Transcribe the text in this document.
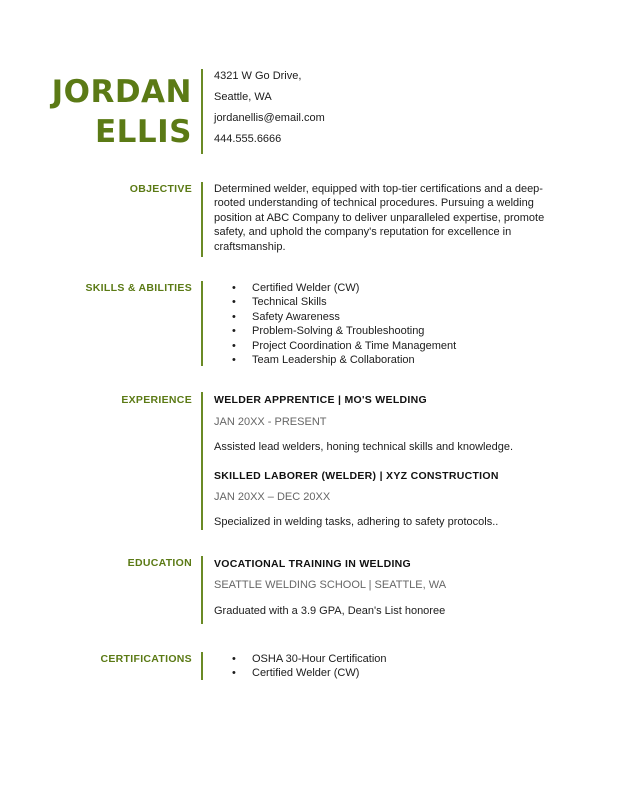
JORDAN
ELLIS
4321 W Go Drive,
Seattle, WA
jordanellis@email.com
444.555.6666
OBJECTIVE Determined welder, equipped with top-tier certifications and a deep-rooted understanding of technical procedures. Pursuing a welding position at ABC Company to deliver unparalleled expertise, promote safety, and uphold the company's reputation for excellence in craftsmanship.
SKILLS & ABILITIES	• Certified Welder (CW)
• Technical Skills
• Safety Awareness
• Problem-Solving & Troubleshooting
• Project Coordination & Time Management
• Team Leadership & Collaboration
EXPERIENCE WELDER APPRENTICE | MO'S WELDING
JAN 20XX - PRESENT
Assisted lead welders, honing technical skills and knowledge.
SKILLED LABORER (WELDER) | XYZ CONSTRUCTION
JAN 20XX – DEC 20XX
Specialized in welding tasks, adhering to safety protocols..
EDUCATION VOCATIONAL TRAINING IN WELDING
SEATTLE WELDING SCHOOL | SEATTLE, WA
Graduated with a 3.9 GPA, Dean's List honoree
CERTIFICATIONS	• OSHA 30-Hour Certification
• Certified Welder (CW)
